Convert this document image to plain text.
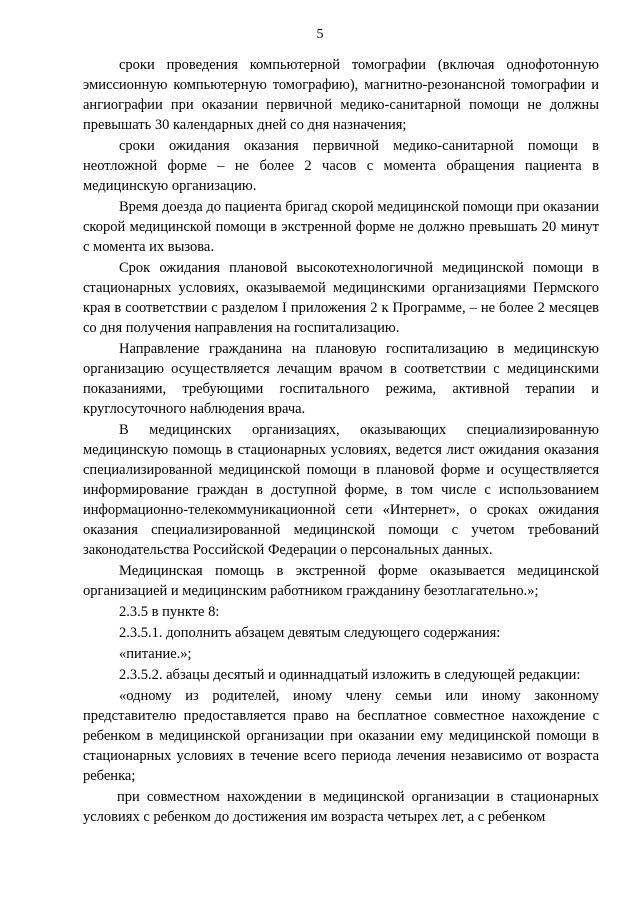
5

сроки проведения компьютерной томографии (включая однофотонную эмиссионную компьютерную томографию), магнитно-резонансной томографии и ангиографии при оказании первичной медико-санитарной помощи не должны превышать 30 календарных дней со дня назначения;

сроки ожидания оказания первичной медико-санитарной помощи в неотложной форме – не более 2 часов с момента обращения пациента в медицинскую организацию.

Время доезда до пациента бригад скорой медицинской помощи при оказании скорой медицинской помощи в экстренной форме не должно превышать 20 минут с момента их вызова.

Срок ожидания плановой высокотехнологичной медицинской помощи в стационарных условиях, оказываемой медицинскими организациями Пермского края в соответствии с разделом I приложения 2 к Программе, – не более 2 месяцев со дня получения направления на госпитализацию.

Направление гражданина на плановую госпитализацию в медицинскую организацию осуществляется лечащим врачом в соответствии с медицинскими показаниями, требующими госпитального режима, активной терапии и круглосуточного наблюдения врача.

В медицинских организациях, оказывающих специализированную медицинскую помощь в стационарных условиях, ведется лист ожидания оказания специализированной медицинской помощи в плановой форме и осуществляется информирование граждан в доступной форме, в том числе с использованием информационно-телекоммуникационной сети «Интернет», о сроках ожидания оказания специализированной медицинской помощи с учетом требований законодательства Российской Федерации о персональных данных.

Медицинская помощь в экстренной форме оказывается медицинской организацией и медицинским работником гражданину безотлагательно.»;

2.3.5 в пункте 8:

2.3.5.1. дополнить абзацем девятым следующего содержания:

«питание.»;

2.3.5.2. абзацы десятый и одиннадцатый изложить в следующей редакции:

«одному из родителей, иному члену семьи или иному законному представителю предоставляется право на бесплатное совместное нахождение с ребенком в медицинской организации при оказании ему медицинской помощи в стационарных условиях в течение всего периода лечения независимо от возраста ребенка;

при совместном нахождении в медицинской организации в стационарных условиях с ребенком до достижения им возраста четырех лет, а с ребенком
